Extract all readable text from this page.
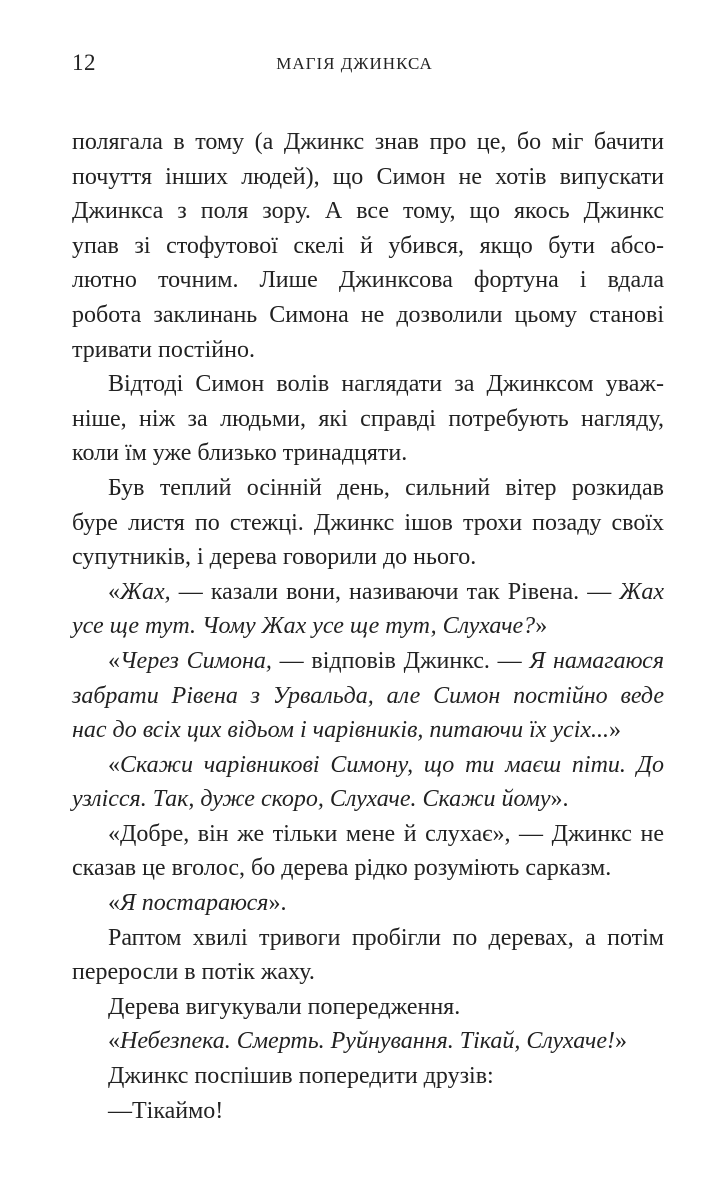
12	МАГІЯ ДЖИНКСА
полягала в тому (а Джинкс знав про це, бо міг бачити
почуття інших людей), що Симон не хотів випускати
Джинкса з поля зору. А все тому, що якось Джинкс
упав зі стофутової скелі й убився, якщо бути абсо-
лютно точним. Лише Джинксова фортуна і вдала
робота заклинань Симона не дозволили цьому станові
тривати постійно.
Відтоді Симон волів наглядати за Джинксом уваж-
ніше, ніж за людьми, які справді потребують нагляду,
коли їм уже близько тринадцяти.
Був теплий осінній день, сильний вітер розкидав
буре листя по стежці. Джинкс ішов трохи позаду своїх
супутників, і дерева говорили до нього.
«Жах, — казали вони, називаючи так Рівена. — Жах
усе ще тут. Чому Жах усе ще тут, Слухаче?»
«Через Симона, — відповів Джинкс. — Я намагаюся
забрати Рівена з Урвальда, але Симон постійно веде
нас до всіх цих відьом і чарівників, питаючи їх усіх...»
«Скажи чарівникові Симону, що ти маєш піти. До
узлісся. Так, дуже скоро, Слухаче. Скажи йому».
«Добре, він же тільки мене й слухає», — Джинкс не
сказав це вголос, бо дерева рідко розуміють сарказм.
«Я постараюся».
Раптом хвилі тривоги пробігли по деревах, а потім
переросли в потік жаху.
Дерева вигукували попередження.
«Небезпека. Смерть. Руйнування. Тікай, Слухаче!»
Джинкс поспішив попередити друзів:
—Тікаймо!
